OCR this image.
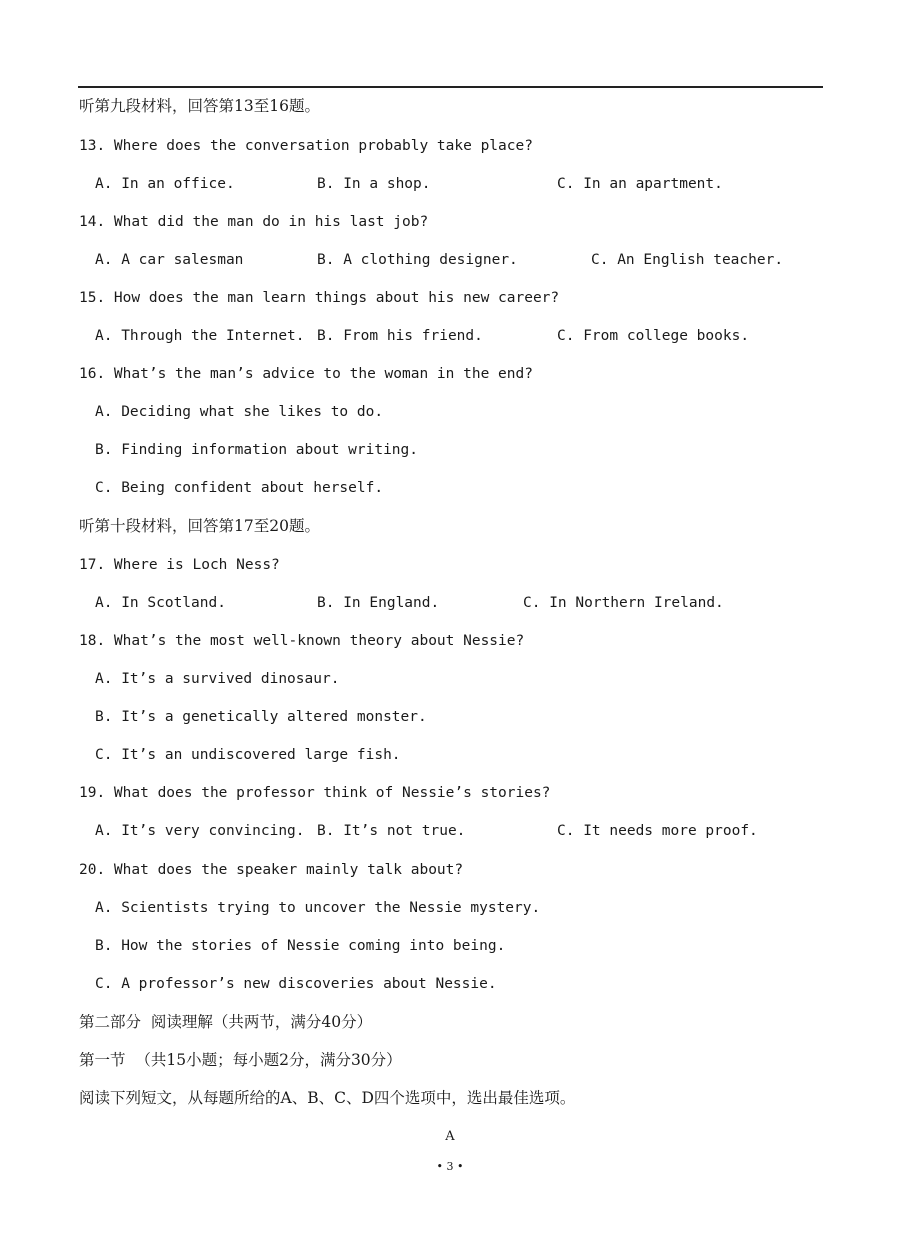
听第九段材料，回答第13至16题。
13. Where does the conversation probably take place?
A. In an office.	B. In a shop.	C. In an apartment.
14. What did the man do in his last job?
A. A car salesman	B. A clothing designer.	C. An English teacher.
15. How does the man learn things about his new career?
A. Through the Internet. B. From his friend.	C. From college books.
16. What’s the man’s advice to the woman in the end?
A. Deciding what she likes to do.
B. Finding information about writing.
C. Being confident about herself.
听第十段材料，回答第17至20题。
17. Where is Loch Ness?
A. In Scotland.	B. In England.	C. In Northern Ireland.
18. What’s the most well-known theory about Nessie?
A. It’s a survived dinosaur.
B. It’s a genetically altered monster.
C. It’s an undiscovered large fish.
19. What does the professor think of Nessie’s stories?
A. It’s very convincing. B. It’s not true.	C. It needs more proof.
20. What does the speaker mainly talk about?
A. Scientists trying to uncover the Nessie mystery.
B. How the stories of Nessie coming into being.
C. A professor’s new discoveries about Nessie.
第二部分  阅读理解（共两节，满分40分）
第一节  （共15小题；每小题2分，满分30分）
阅读下列短文，从每题所给的A、B、C、D四个选项中，选出最佳选项。
A
• 3 •
